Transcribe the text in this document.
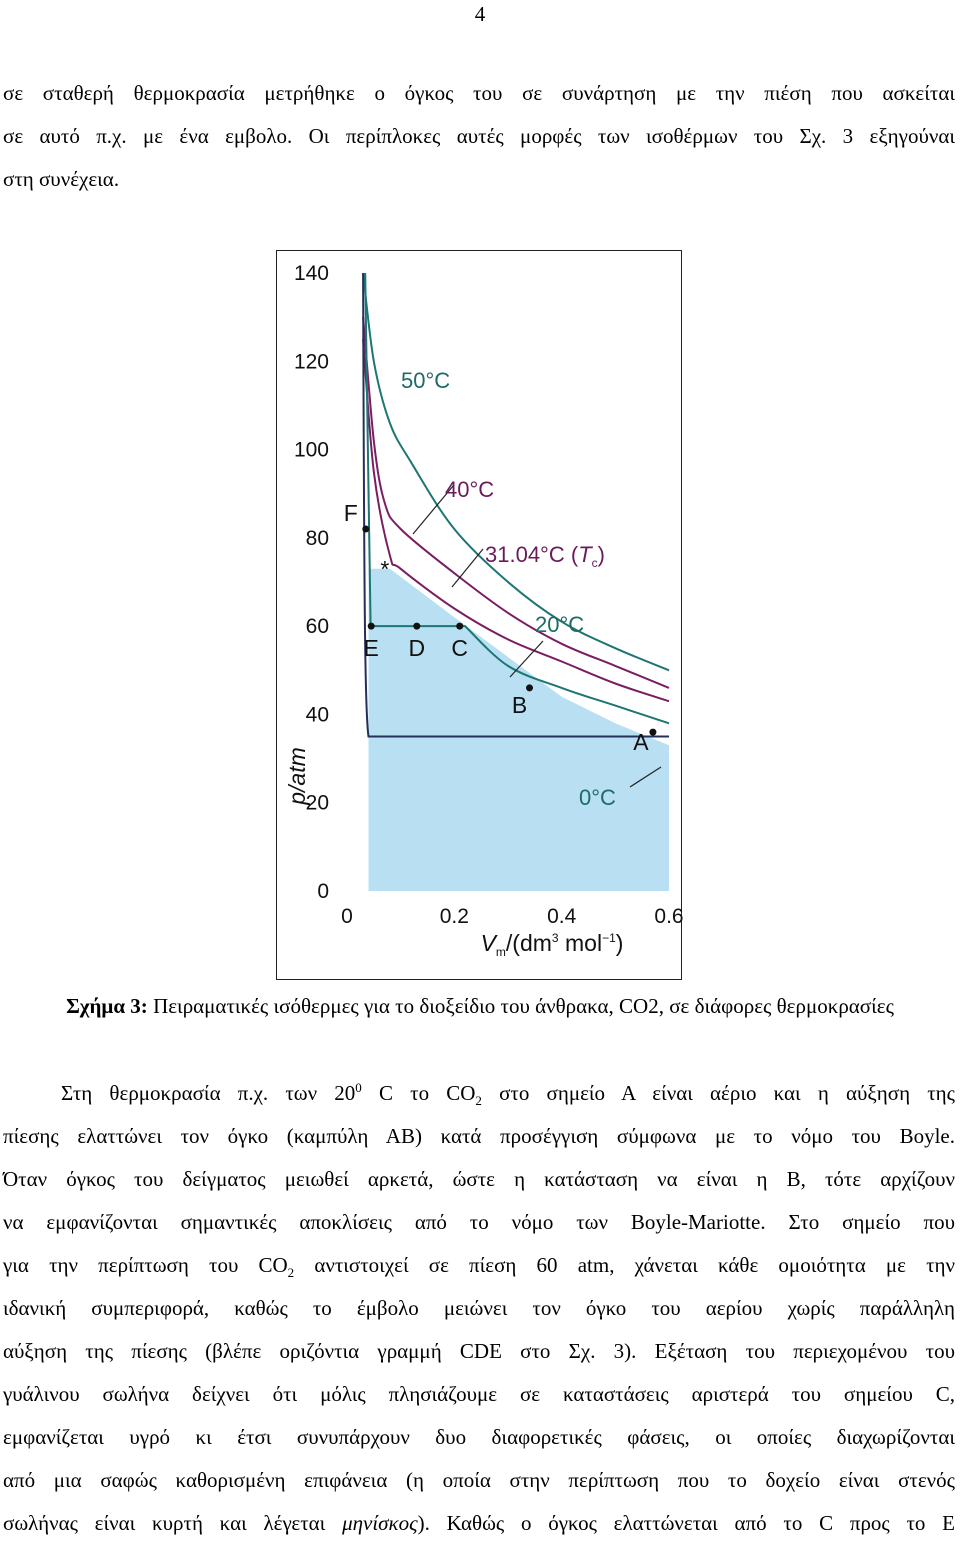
4

σε σταθερή θερμοκρασία μετρήθηκε ο όγκος του σε συνάρτηση με την πιέση που ασκείται

σε αυτό π.χ. με ένα εμβολο. Οι περίπλοκες αυτές μορφές των ισοθέρμων του Σχ. 3 εξηγούναι

στη συνέχεια.

F
E D C
B
A
*
0
20
40
60
80
100
120
140
0	0.2	0.4	0.6
p/atm
$V_m/(dm^3$ mol$^{-1}$)
50°C
40°C
31.04°C $(T_c)$
20°C
0°C
Σχήμα 3: Πειραματικές ισόθερμες για το διοξείδιο του άνθρακα, CO2, σε διάφορες θερμοκρασίες
Στη θερμοκρασία π.χ. των $20^0$ C το $CO_2$ στο σημείο Α είναι αέριο και η αύξηση της
πίεσης ελαττώνει τον όγκο (καμπύλη ΑΒ) κατά προσέγγιση σύμφωνα με το νόμο του Boyle.
Όταν όγκος του δείγματος μειωθεί αρκετά, ώστε η κατάσταση να είναι η Β, τότε αρχίζουν
να εμφανίζονται σημαντικές αποκλίσεις από το νόμο των Boyle-Mariotte. Στο σημείο που
για την περίπτωση του $CO_2$ αντιστοιχεί σε πίεση 60 atm, χάνεται κάθε ομοιότητα με την
ιδανική συμπεριφορά, καθώς το έμβολο μειώνει τον όγκο του αερίου χωρίς παράλληλη
αύξηση της πίεσης (βλέπε οριζόντια γραμμή CDE στο Σχ. 3). Εξέταση του περιεχομένου του
γυάλινου σωλήνα δείχνει ότι μόλις πλησιάζουμε σε καταστάσεις αριστερά του σημείου C,
εμφανίζεται υγρό κι έτσι συνυπάρχουν δυο διαφορετικές φάσεις, οι οποίες διαχωρίζονται
από μια σαφώς καθορισμένη επιφάνεια (η οποία στην περίπτωση που το δοχείο είναι στενός
σωλήνας είναι κυρτή και λέγεται μηνίσκος). Καθώς ο όγκος ελαττώνεται από το C προς το Ε
